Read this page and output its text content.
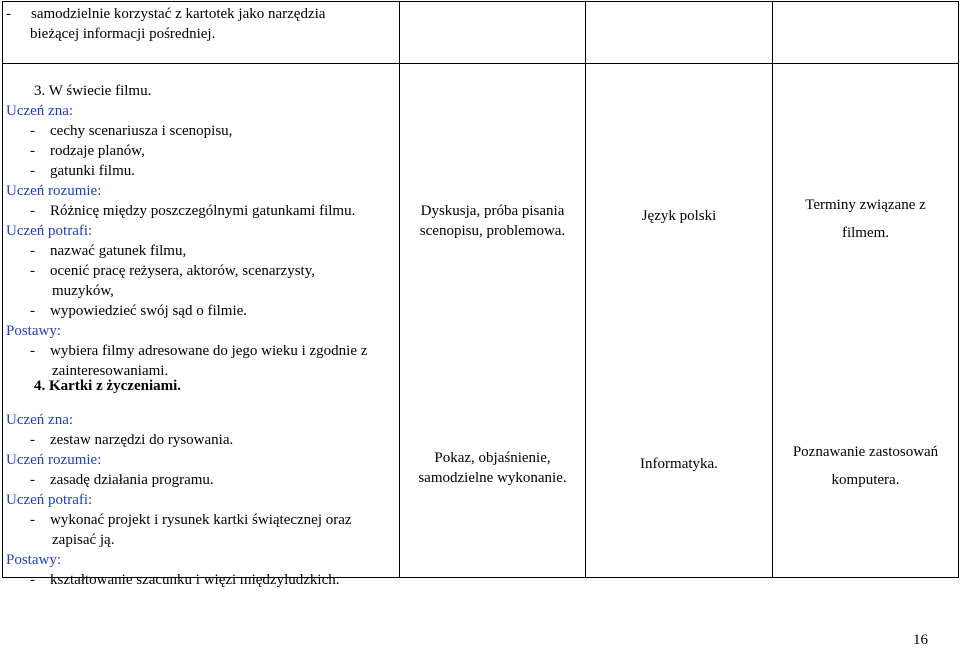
- samodzielnie korzystać z kartotek jako narzędzia
bieżącej informacji pośredniej.
3. W świecie filmu.
Uczeń zna:
- cechy scenariusza i scenopisu,
- rodzaje planów,
- gatunki filmu.
Uczeń rozumie:
- Różnicę między poszczególnymi gatunkami filmu.
Uczeń potrafi:
- nazwać gatunek filmu,
- ocenić pracę reżysera, aktorów, scenarzysty,
muzyków,
- wypowiedzieć swój sąd o filmie.
Postawy:
- wybiera filmy adresowane do jego wieku i zgodnie z
zainteresowaniami.
Dyskusja, próba pisania
scenopisu, problemowa.
Język polski
Terminy związane z
filmem.
4. Kartki z życzeniami.
Uczeń zna:
- zestaw narzędzi do rysowania.
Uczeń rozumie:
- zasadę działania programu.
Uczeń potrafi:
- wykonać projekt i rysunek kartki świątecznej oraz
zapisać ją.
Postawy:
- kształtowanie szacunku i więzi międzyludzkich.
Pokaz, objaśnienie,
samodzielne wykonanie.
Informatyka.
Poznawanie zastosowań
komputera.
16
